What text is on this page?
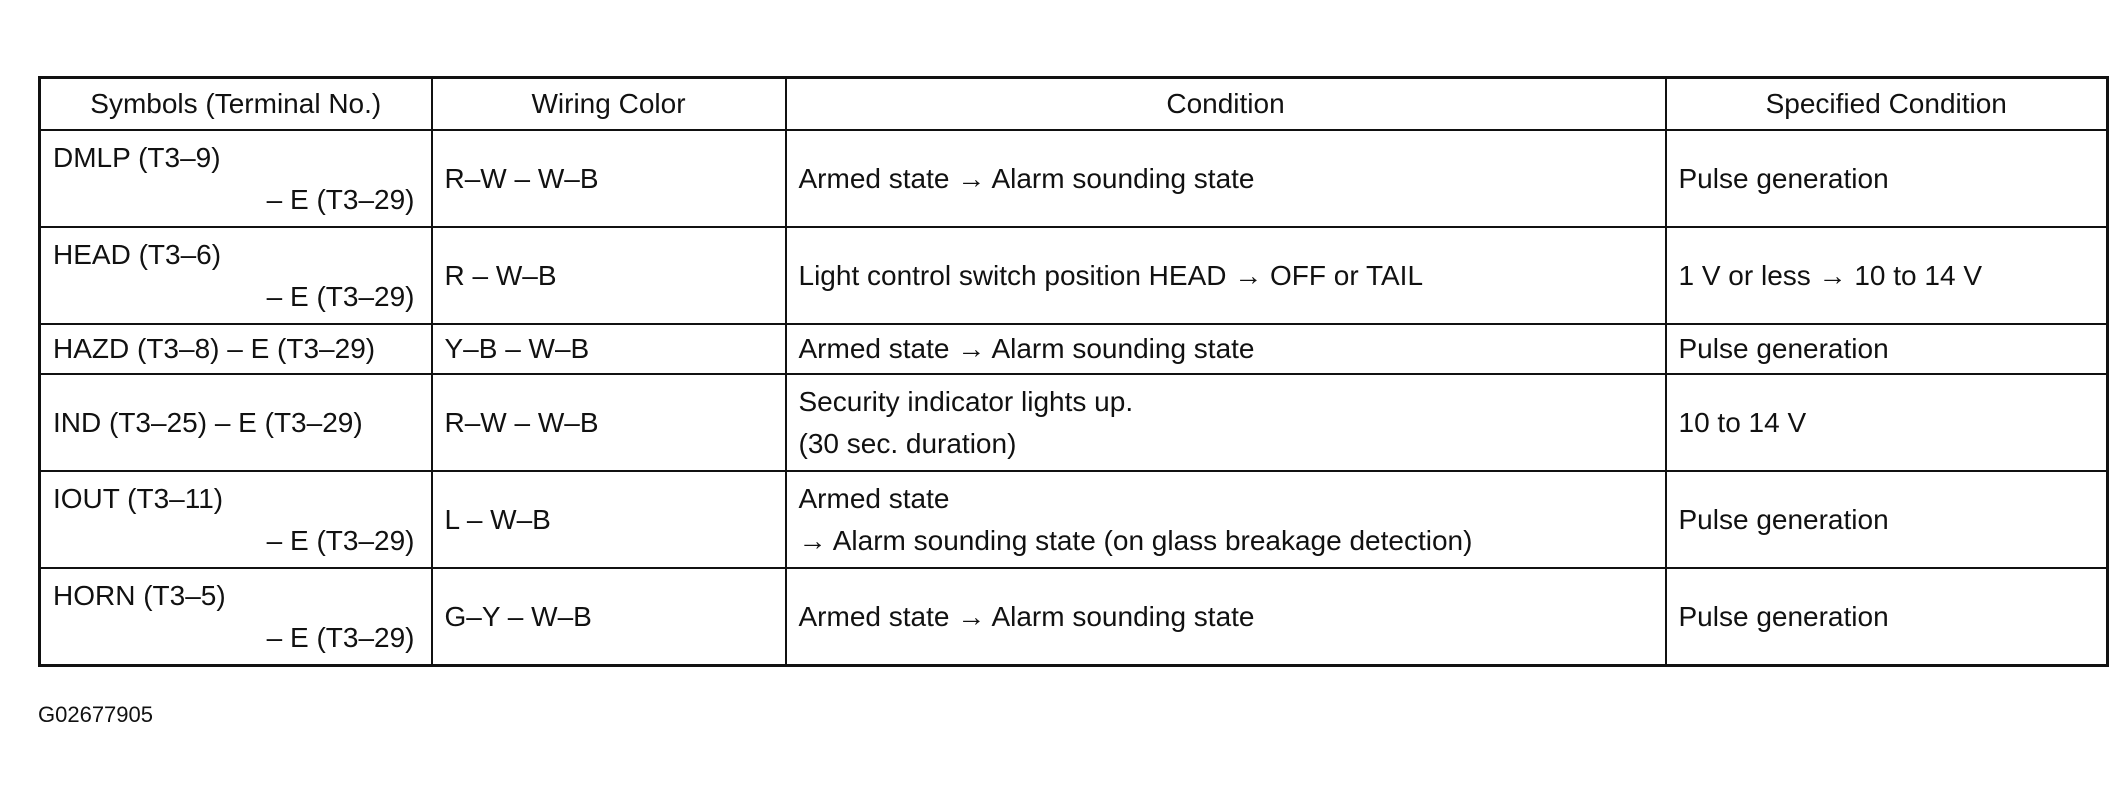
Symbols (Terminal No.)	Wiring Color	Condition	Specified Condition

DMLP (T3–9)
– E (T3–29)	R–W – W–B	Armed state → Alarm sounding state	Pulse generation

HEAD (T3–6)
– E (T3–29)	R – W–B	Light control switch position HEAD → OFF or TAIL	1 V or less → 10 to 14 V

HAZD (T3–8) – E (T3–29)	Y–B – W–B	Armed state → Alarm sounding state	Pulse generation

IND (T3–25) – E (T3–29)	R–W – W–B	Security indicator lights up.
(30 sec. duration)	10 to 14 V

IOUT (T3–11)
– E (T3–29)	L – W–B	Armed state
→ Alarm sounding state (on glass breakage detection)	Pulse generation

HORN (T3–5)
– E (T3–29)	G–Y – W–B	Armed state → Alarm sounding state	Pulse generation
G02677905
